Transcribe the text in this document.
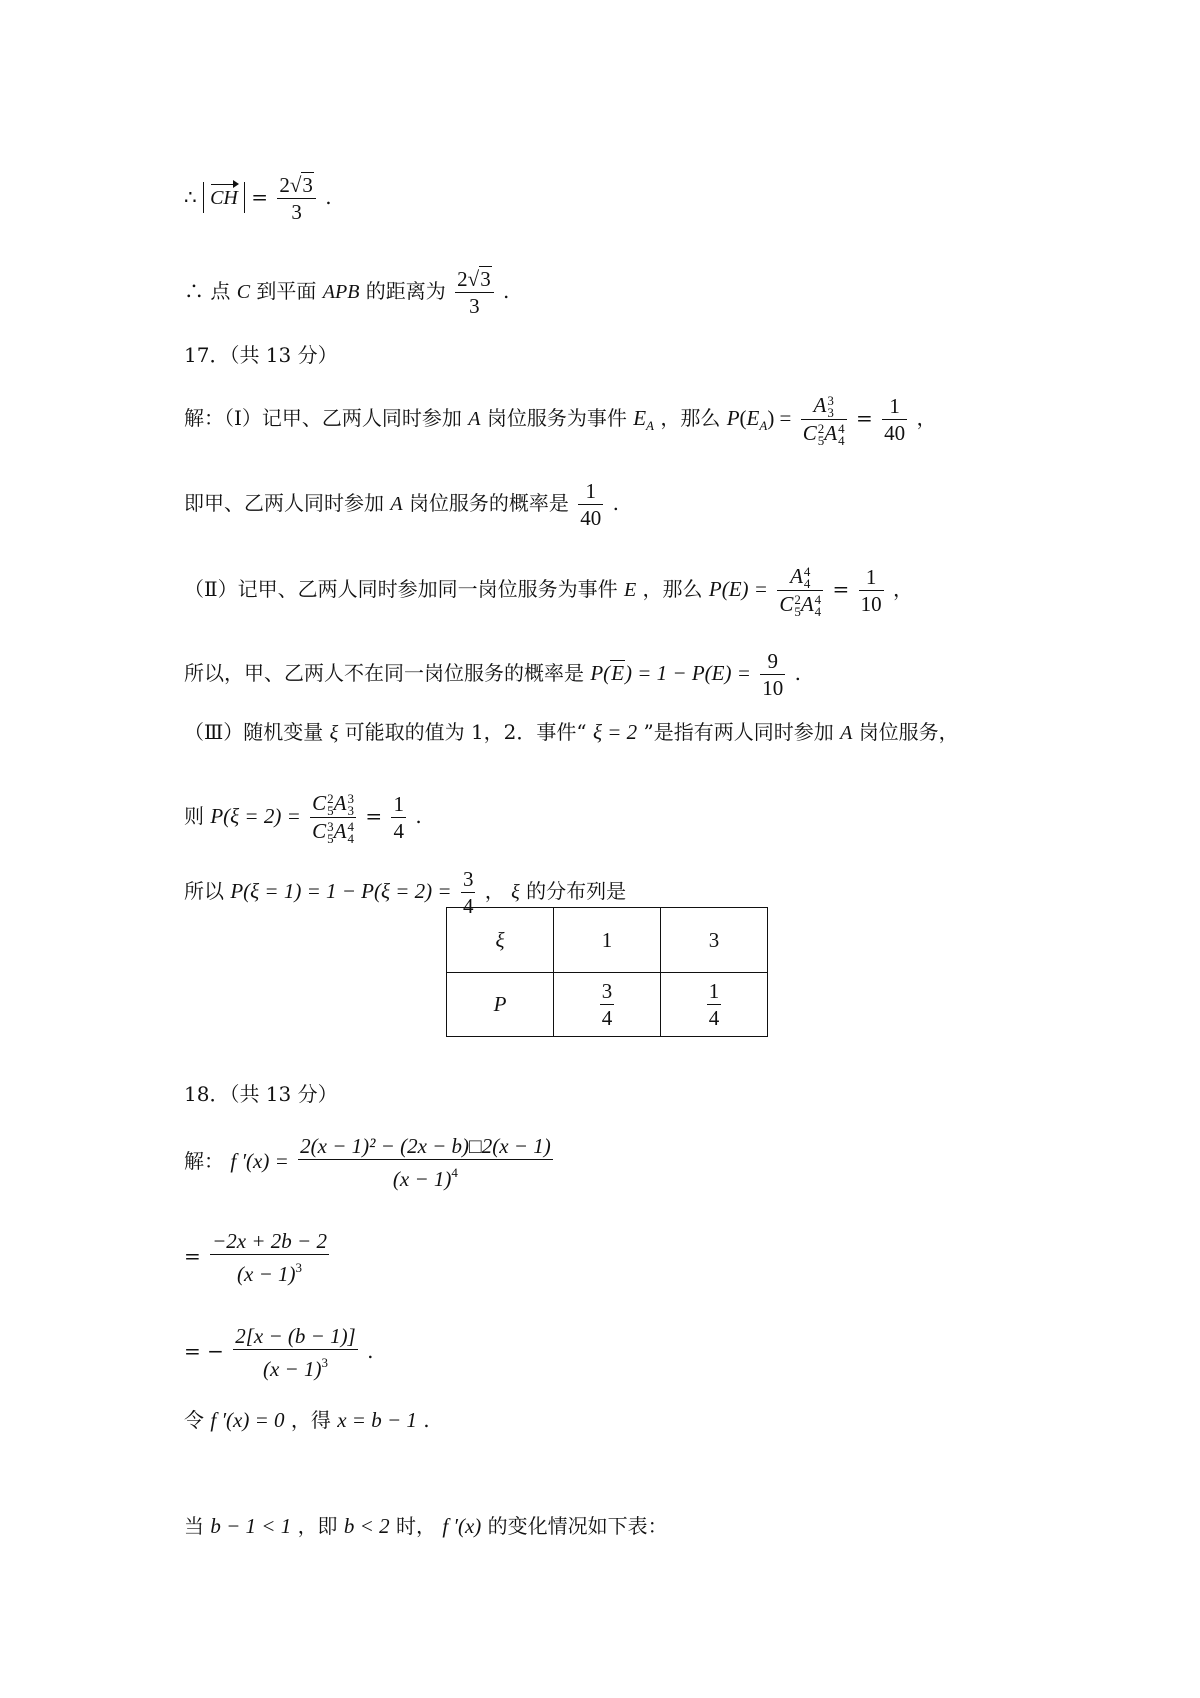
∴ CH = $\frac{2√3}{3}$ .
∴ 点 C 到平面 APB 的距离为 $\frac{2√3}{3}$ .
17．（共 13 分）
解：（Ⅰ）记甲、乙两人同时参加 A 岗位服务为事件 $E_A$ ，那么 $P(E_A) = A$ 3
3
C 2
5 A 4
$4 = \frac{1}{40}$ ，
即甲、乙两人同时参加 A 岗位服务的概率是 $\frac{1}{40}$ .
（Ⅱ）记甲、乙两人同时参加同一岗位服务为事件 E ，那么 P(E) = A 4
4
C 2
5 A 4
$4 = \frac{1}{10}$ ，
所以，甲、乙两人不在同一岗位服务的概率是 $P(E) = 1 - P(E) = \frac{9}{10}$ .
（Ⅲ）随机变量 ξ 可能取的值为 1，2．事件“ ξ = 2 ”是指有两人同时参加 A 岗位服务，
则 P(ξ = 2) = C 2
5 A 3
3
C 3
5 A 4
$4 = \frac{1}{4}$ .
所以 $P(\xi = 1) = 1 - P(\xi = 2) = \frac{3}{4}$ ， ξ 的分布列是
ξ	1	3
P	$\frac{3}{4}$	$\frac{1}{4}$
18．（共 13 分）
解： f $'(x) = \frac{\text{2(x − 1)² − (2x − b)□2(x − 1)}}{(x - 1)^4}$
= $\frac{-2x + 2b - 2}{(x - 1)^3}$
= − $\frac{2[x - (b - 1)]}{(x - 1)^3}$ .
令 f ′(x) = 0 ，得 x = b − 1 .
当 b − 1 < 1 ，即 b < 2 时， f ′(x) 的变化情况如下表：
